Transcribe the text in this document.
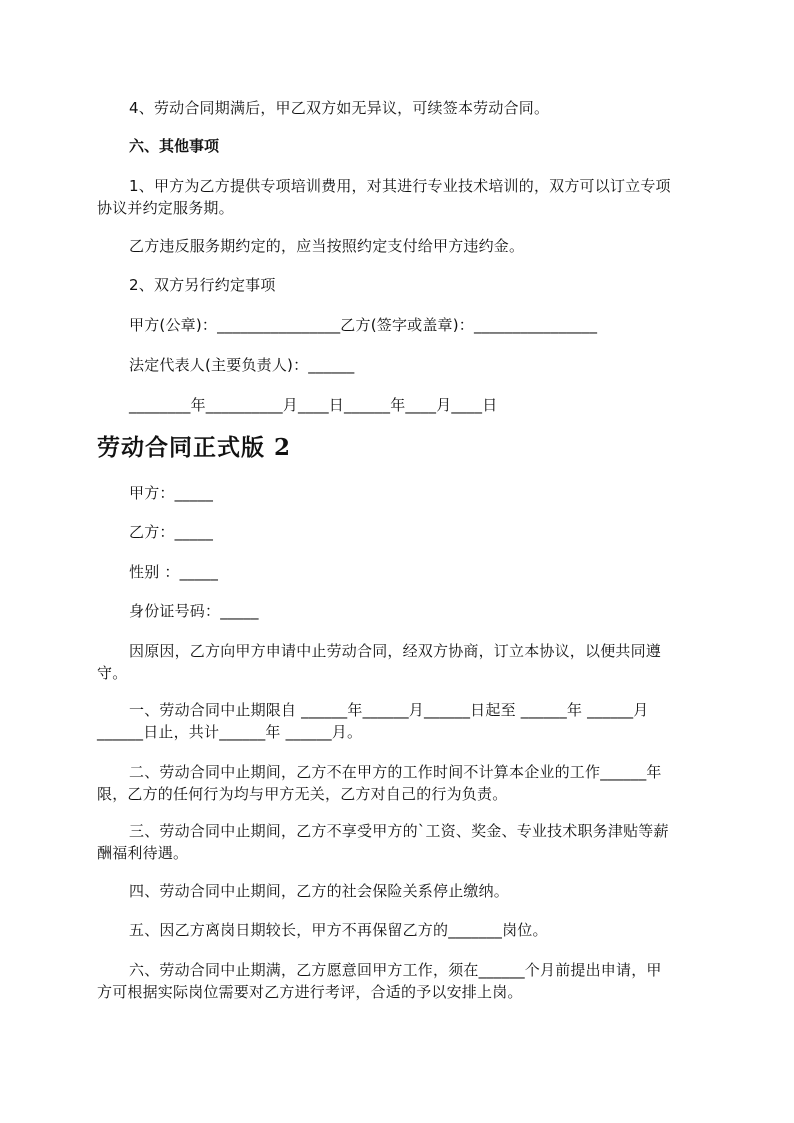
4、劳动合同期满后，甲乙双方如无异议，可续签本劳动合同。

六、其他事项

1、甲方为乙方提供专项培训费用，对其进行专业技术培训的，双方可以订立专项
协议并约定服务期。

乙方违反服务期约定的，应当按照约定支付给甲方违约金。

2、双方另行约定事项

甲方(公章)：________________乙方(签字或盖章)：________________

法定代表人(主要负责人)：______

________年__________月____日______年____月____日

劳动合同正式版 2

甲方：_____

乙方：_____

性别 ：_____

身份证号码：_____

因原因，乙方向甲方申请中止劳动合同，经双方协商，订立本协议，以便共同遵
守。

一、劳动合同中止期限自 ______年______月______日起至 ______年 ______月
______日止，共计______年 ______月。

二、劳动合同中止期间，乙方不在甲方的工作时间不计算本企业的工作______年
限，乙方的任何行为均与甲方无关，乙方对自己的行为负责。

三、劳动合同中止期间，乙方不享受甲方的`工资、奖金、专业技术职务津贴等薪
酬福利待遇。

四、劳动合同中止期间，乙方的社会保险关系停止缴纳。

五、因乙方离岗日期较长，甲方不再保留乙方的_______岗位。

六、劳动合同中止期满，乙方愿意回甲方工作，须在______个月前提出申请，甲
方可根据实际岗位需要对乙方进行考评，合适的予以安排上岗。
